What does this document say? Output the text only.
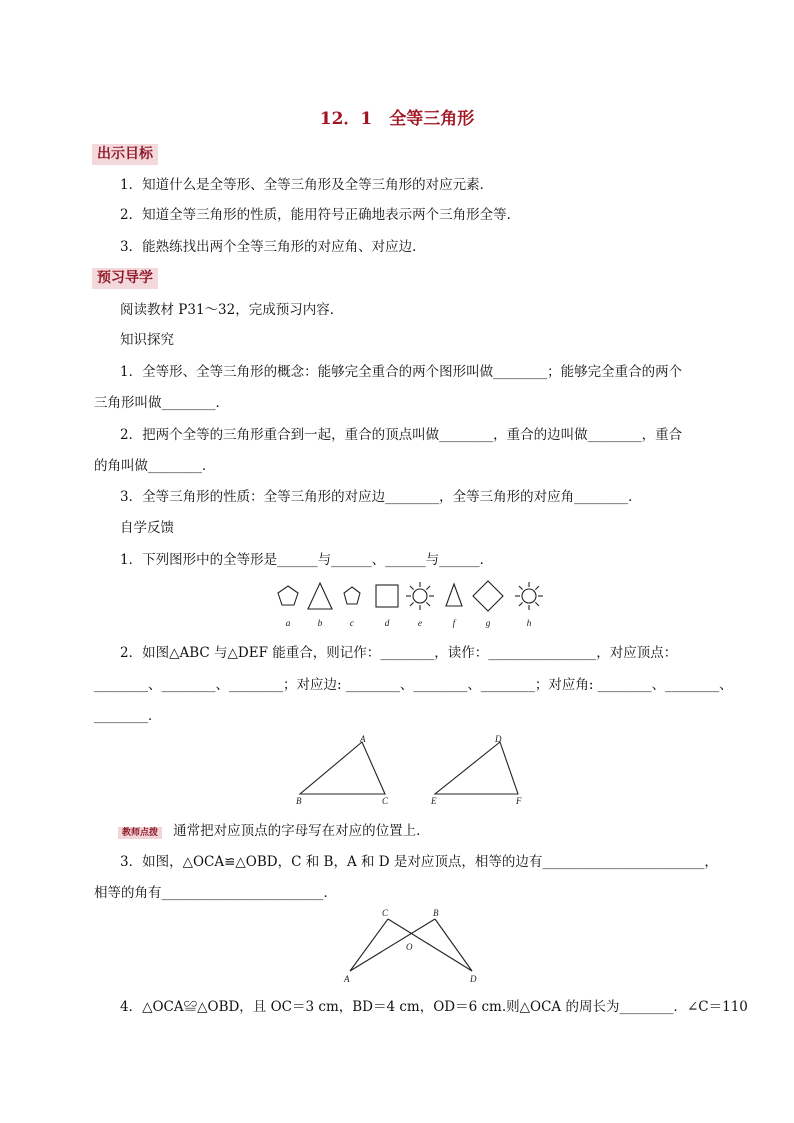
12．1　全等三角形
出示目标
1．知道什么是全等形、全等三角形及全等三角形的对应元素．
2．知道全等三角形的性质，能用符号正确地表示两个三角形全等．
3．能熟练找出两个全等三角形的对应角、对应边．
预习导学
阅读教材 P31～32，完成预习内容．
知识探究
1．全等形、全等三角形的概念：能够完全重合的两个图形叫做________；能够完全重合的两个
三角形叫做________．
2．把两个全等的三角形重合到一起，重合的顶点叫做________，重合的边叫做________，重合
的角叫做________．
3．全等三角形的性质：全等三角形的对应边________，全等三角形的对应角________．
自学反馈
1．下列图形中的全等形是______与______、______与______．
a	b	c	d	e	f	g	h
2．如图△ABC 与△DEF 能重合，则记作：________，读作：________________，对应顶点：
________、________、________；对应边: ________、________、________；对应角: ________、________、
________．
A
B	C
D
E	F
教师点拨 通常把对应顶点的字母写在对应的位置上．
3．如图，△OCA≌△OBD，C 和 B，A 和 D 是对应顶点，相等的边有________________________，
相等的角有________________________．
C	B
O
A	D
4．△OCA≌△OBD，且 OC＝3 cm，BD＝4 cm，OD＝6 cm.则△OCA 的周长为________．∠C＝110
